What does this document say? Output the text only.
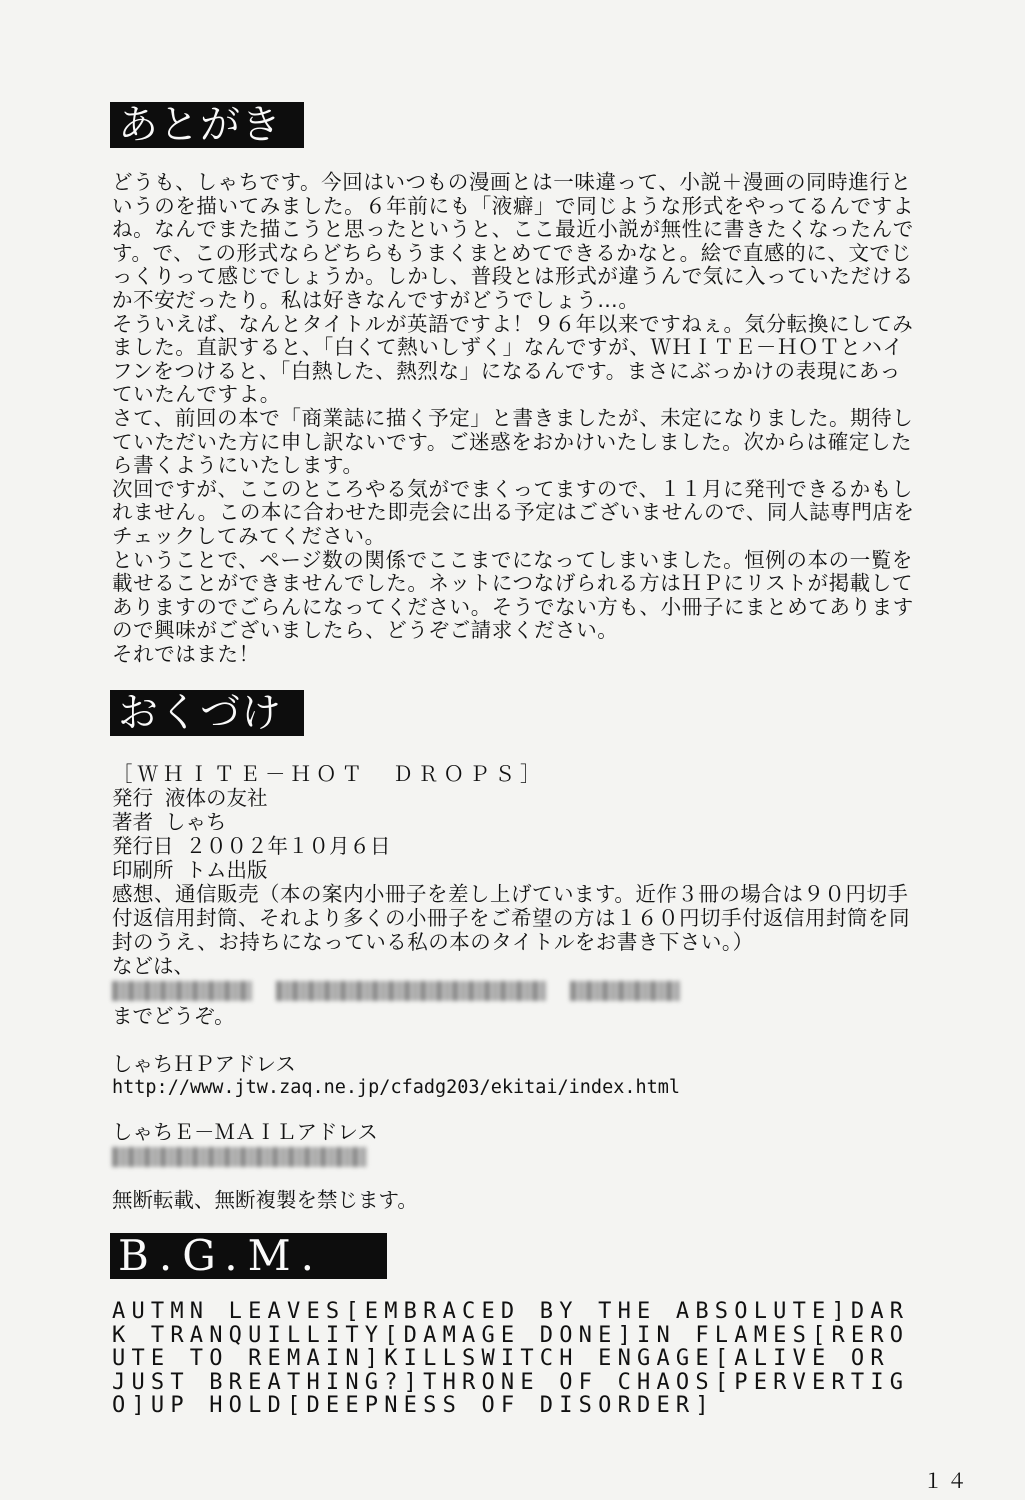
あとがき

どうも、しゃちです。今回はいつもの漫画とは一味違って、小説＋漫画の同時進行というのを描いてみました。６年前にも「液癖」で同じような形式をやってるんですよね。なんでまた描こうと思ったというと、ここ最近小説が無性に書きたくなったんです。で、この形式ならどちらもうまくまとめてできるかなと。絵で直感的に、文でじっくりって感じでしょうか。しかし、普段とは形式が違うんで気に入っていただけるか不安だったり。私は好きなんですがどうでしょう…。

そういえば、なんとタイトルが英語ですよ！９６年以来ですねぇ。気分転換にしてみました。直訳すると、「白くて熱いしずく」なんですが、ＷＨＩＴＥ－ＨＯＴとハイフンをつけると、「白熱した、熱烈な」になるんです。まさにぶっかけの表現にあっていたんですよ。

さて、前回の本で「商業誌に描く予定」と書きましたが、未定になりました。期待していただいた方に申し訳ないです。ご迷惑をおかけいたしました。次からは確定したら書くようにいたします。

次回ですが、ここのところやる気がでまくってますので、１１月に発刊できるかもしれません。この本に合わせた即売会に出る予定はございませんので、同人誌専門店をチェックしてみてください。

ということで、ページ数の関係でここまでになってしまいました。恒例の本の一覧を載せることができませんでした。ネットにつなげられる方はＨＰにリストが掲載してありますのでごらんになってください。そうでない方も、小冊子にまとめてありますので興味がございましたら、どうぞご請求ください。

それではまた！

おくづけ
［ＷＨＩＴＥ－ＨＯＴ　ＤＲＯＰＳ］
発行 液体の友社
著者 しゃち
発行日 ２００２年１０月６日
印刷所 トム出版
感想、通信販売（本の案内小冊子を差し上げています。近作３冊の場合は９０円切手付返信用封筒、それより多くの小冊子をご希望の方は１６０円切手付返信用封筒を同封のうえ、お持ちになっている私の本のタイトルをお書き下さい。）
などは、
までどうぞ。
しゃちＨＰアドレス
http://www.jtw.zaq.ne.jp/cfadg203/ekitai/index.html
しゃちＥ－ＭＡＩＬアドレス
無断転載、無断複製を禁じます。
B.G.M.
AUTMN LEAVES[EMBRACED BY THE ABSOLUTE]DARK TRANQUILLITY[DAMAGE DONE]IN FLAMES[REROUTE TO REMAIN]KILLSWITCH ENGAGE[ALIVE OR JUST BREATHING?]THRONE OF CHAOS[PERVERTIGO]UP HOLD[DEEPNESS OF DISORDER]
１４
